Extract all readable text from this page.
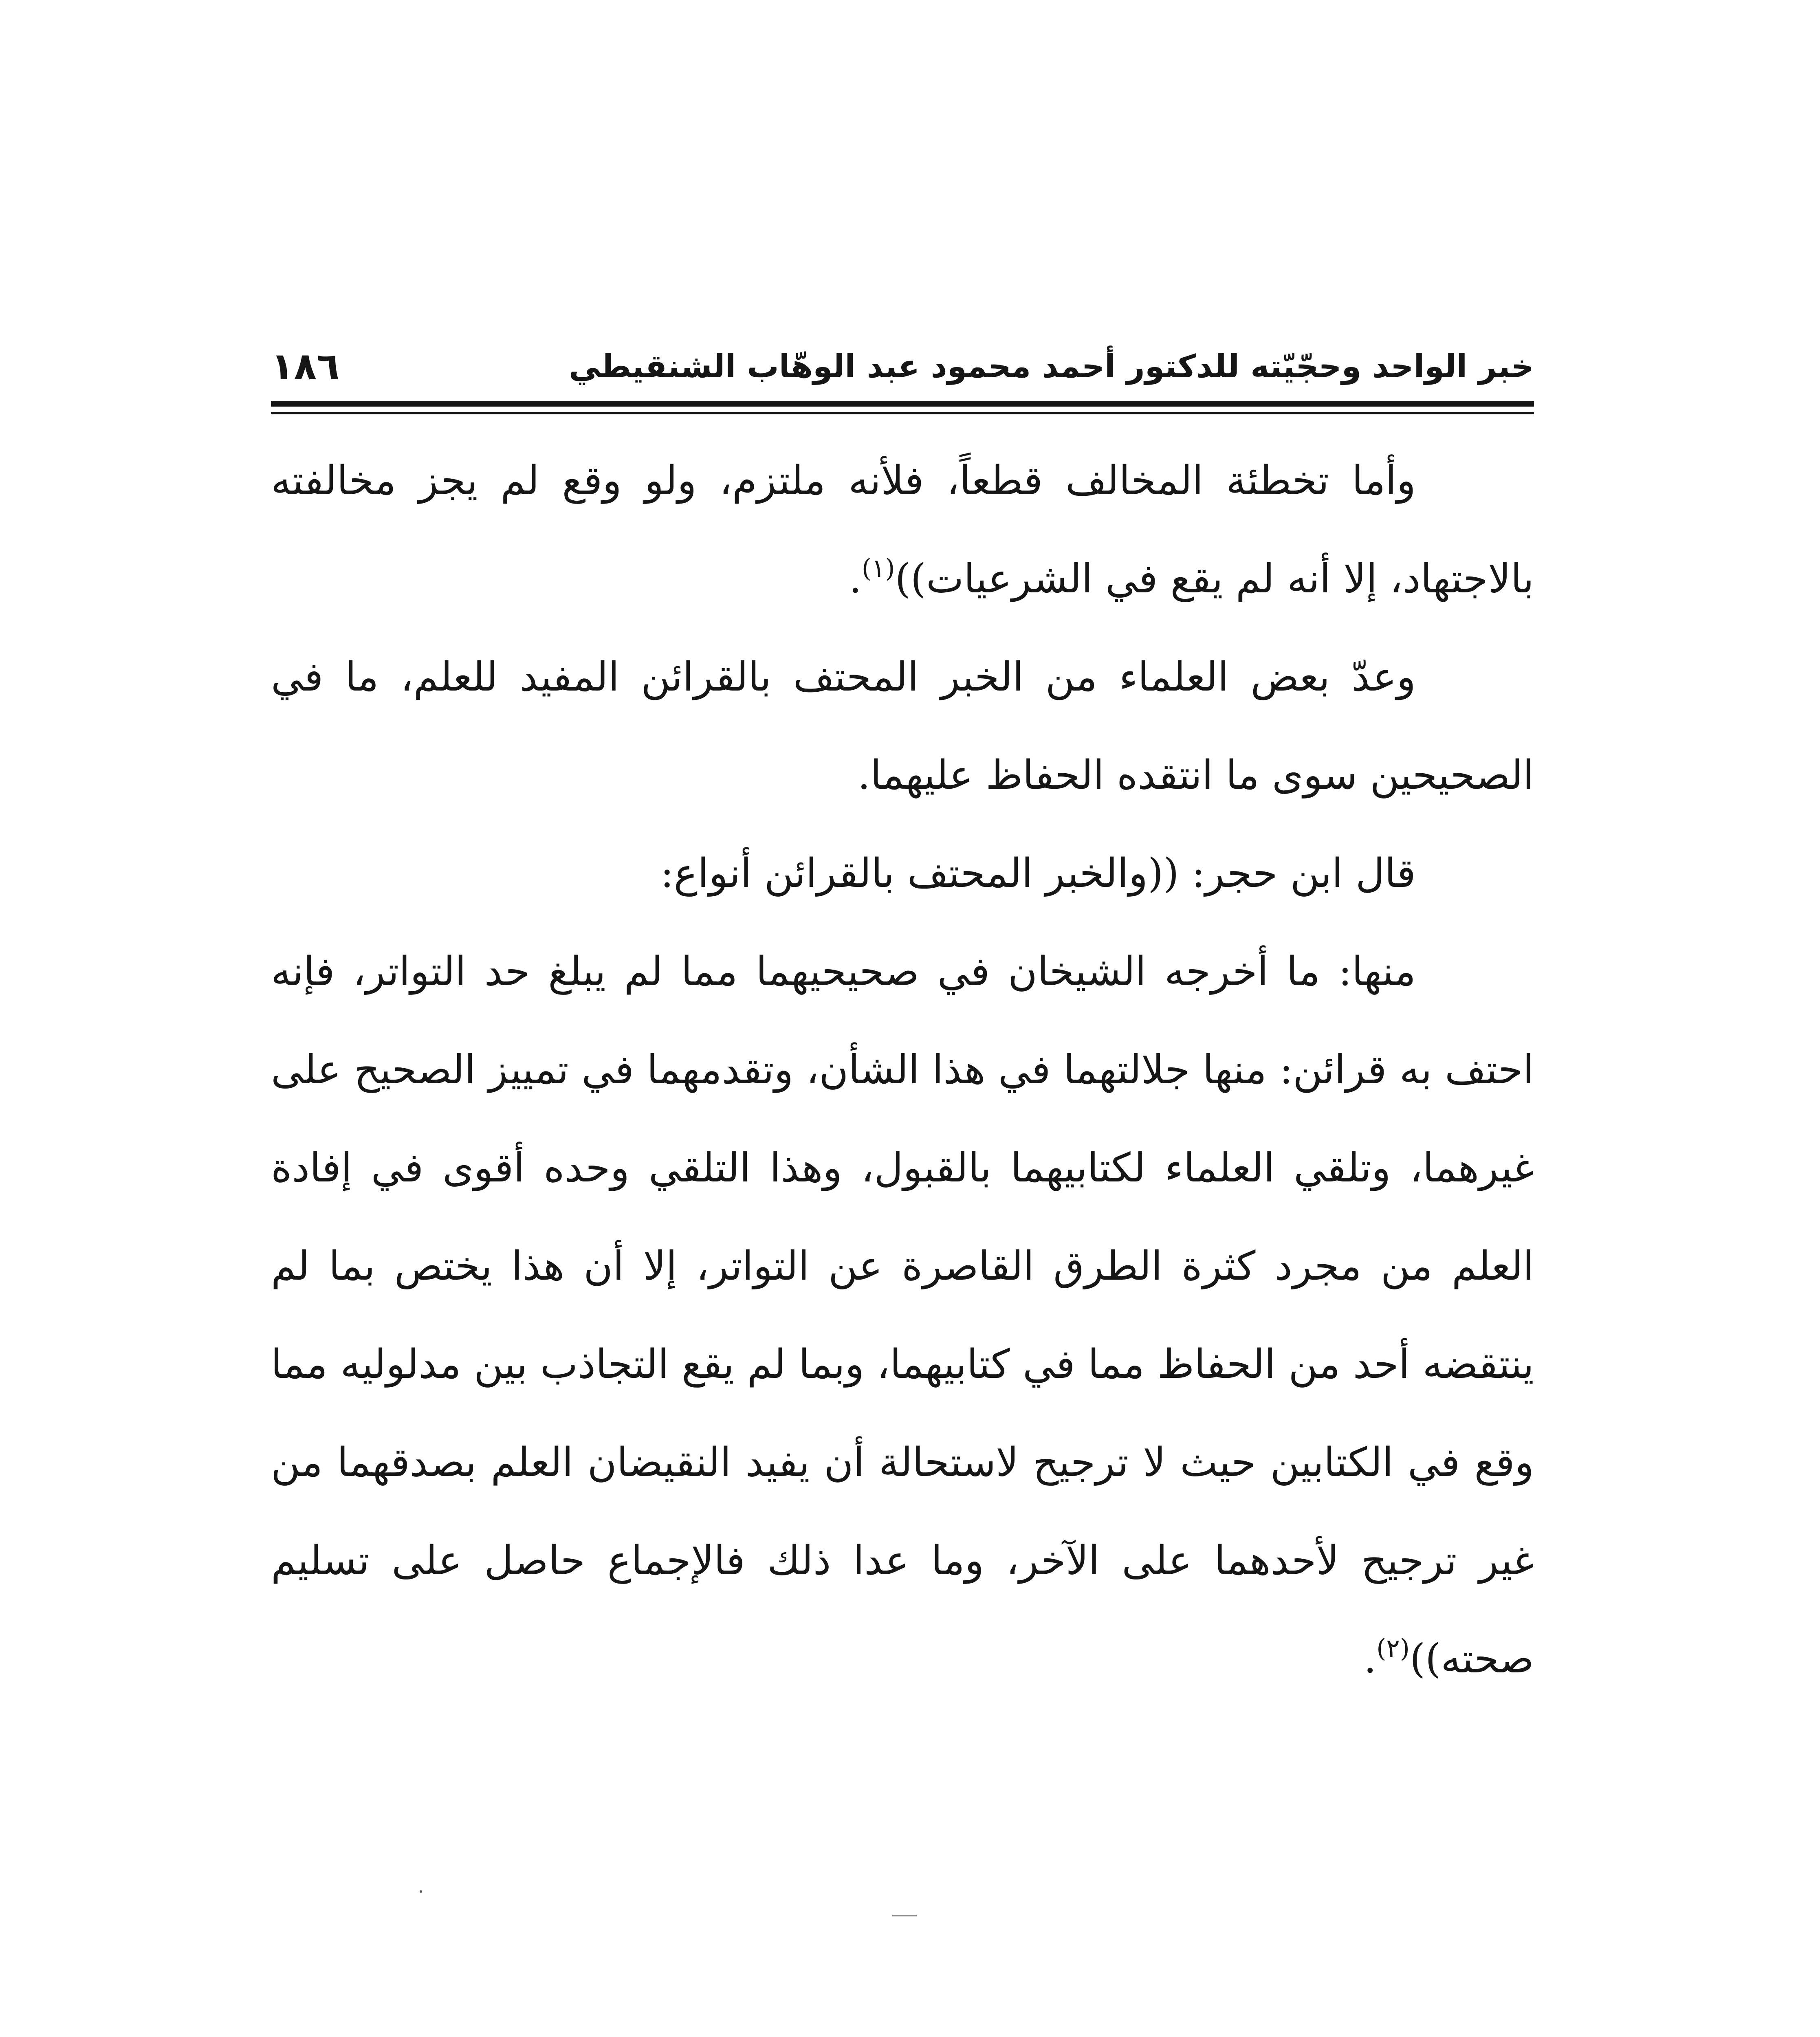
خبر الواحد وحجّيّته للدكتور أحمد محمود عبد الوهّاب الشنقيطي
١٨٦

وأما تخطئة المخالف قطعاً، فلأنه ملتزم، ولو وقع لم يجز مخالفته بالاجتهاد، إلا أنه لم يقع في الشرعيات))$^{(١)}$.

وعدّ بعض العلماء من الخبر المحتف بالقرائن المفيد للعلم، ما في الصحيحين سوى ما انتقده الحفاظ عليهما.

قال ابن حجر: ((والخبر المحتف بالقرائن أنواع:

منها: ما أخرجه الشيخان في صحيحيهما مما لم يبلغ حد التواتر، فإنه احتف به قرائن: منها جلالتهما في هذا الشأن، وتقدمهما في تمييز الصحيح على غيرهما، وتلقي العلماء لكتابيهما بالقبول، وهذا التلقي وحده أقوى في إفادة العلم من مجرد كثرة الطرق القاصرة عن التواتر، إلا أن هذا يختص بما لم ينتقضه أحد من الحفاظ مما في كتابيهما، وبما لم يقع التجاذب بين مدلوليه مما وقع في الكتابين حيث لا ترجيح لاستحالة أن يفيد النقيضان العلم بصدقهما من غير ترجيح لأحدهما على الآخر، وما عدا ذلك فالإجماع حاصل على تسليم صحته))$^{(٢)}$.
